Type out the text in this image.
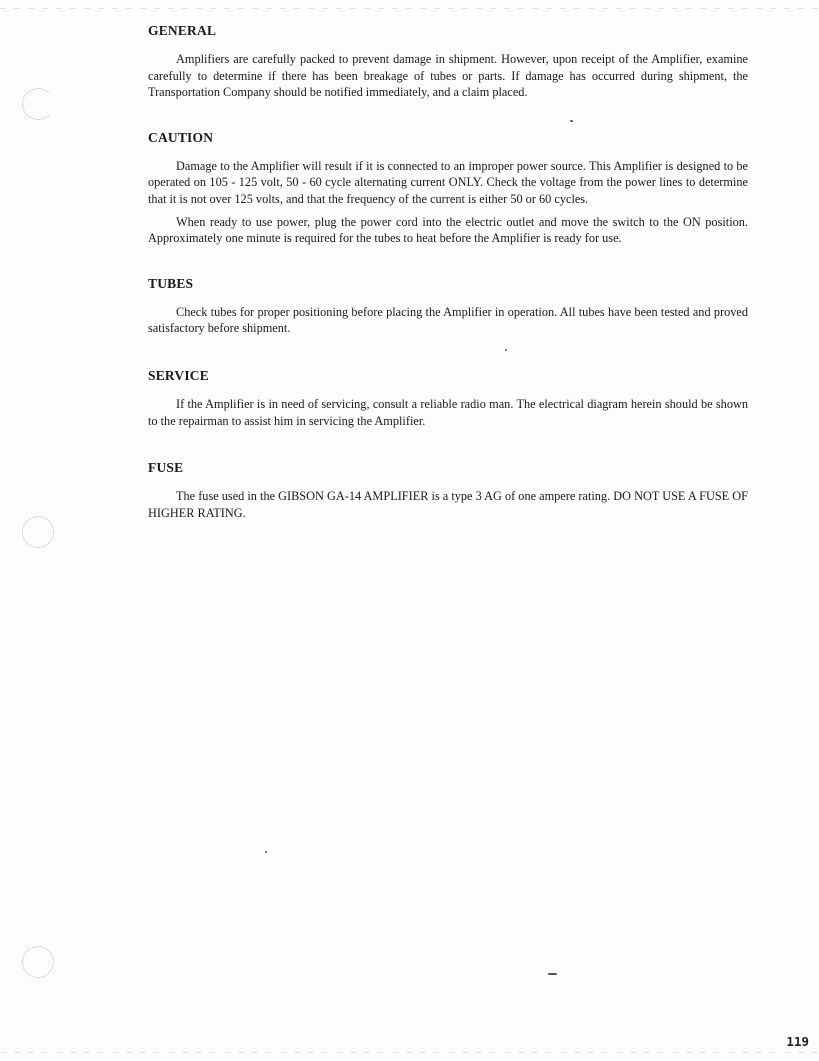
GENERAL

Amplifiers are carefully packed to prevent damage in shipment. However, upon receipt of the Amplifier, examine carefully to determine if there has been breakage of tubes or parts. If damage has occurred during shipment, the Transportation Company should be notified immediately, and a claim placed.

CAUTION

Damage to the Amplifier will result if it is connected to an improper power source. This Amplifier is designed to be operated on 105 - 125 volt, 50 - 60 cycle alternating current ONLY. Check the voltage from the power lines to determine that it is not over 125 volts, and that the frequency of the current is either 50 or 60 cycles.

When ready to use power, plug the power cord into the electric outlet and move the switch to the ON position. Approximately one minute is required for the tubes to heat before the Amplifier is ready for use.

TUBES

Check tubes for proper positioning before placing the Amplifier in operation. All tubes have been tested and proved satisfactory before shipment.

SERVICE

If the Amplifier is in need of servicing, consult a reliable radio man. The electrical diagram herein should be shown to the repairman to assist him in servicing the Amplifier.

FUSE

The fuse used in the GIBSON GA-14 AMPLIFIER is a type 3 AG of one ampere rating. DO NOT USE A FUSE OF HIGHER RATING.

119
